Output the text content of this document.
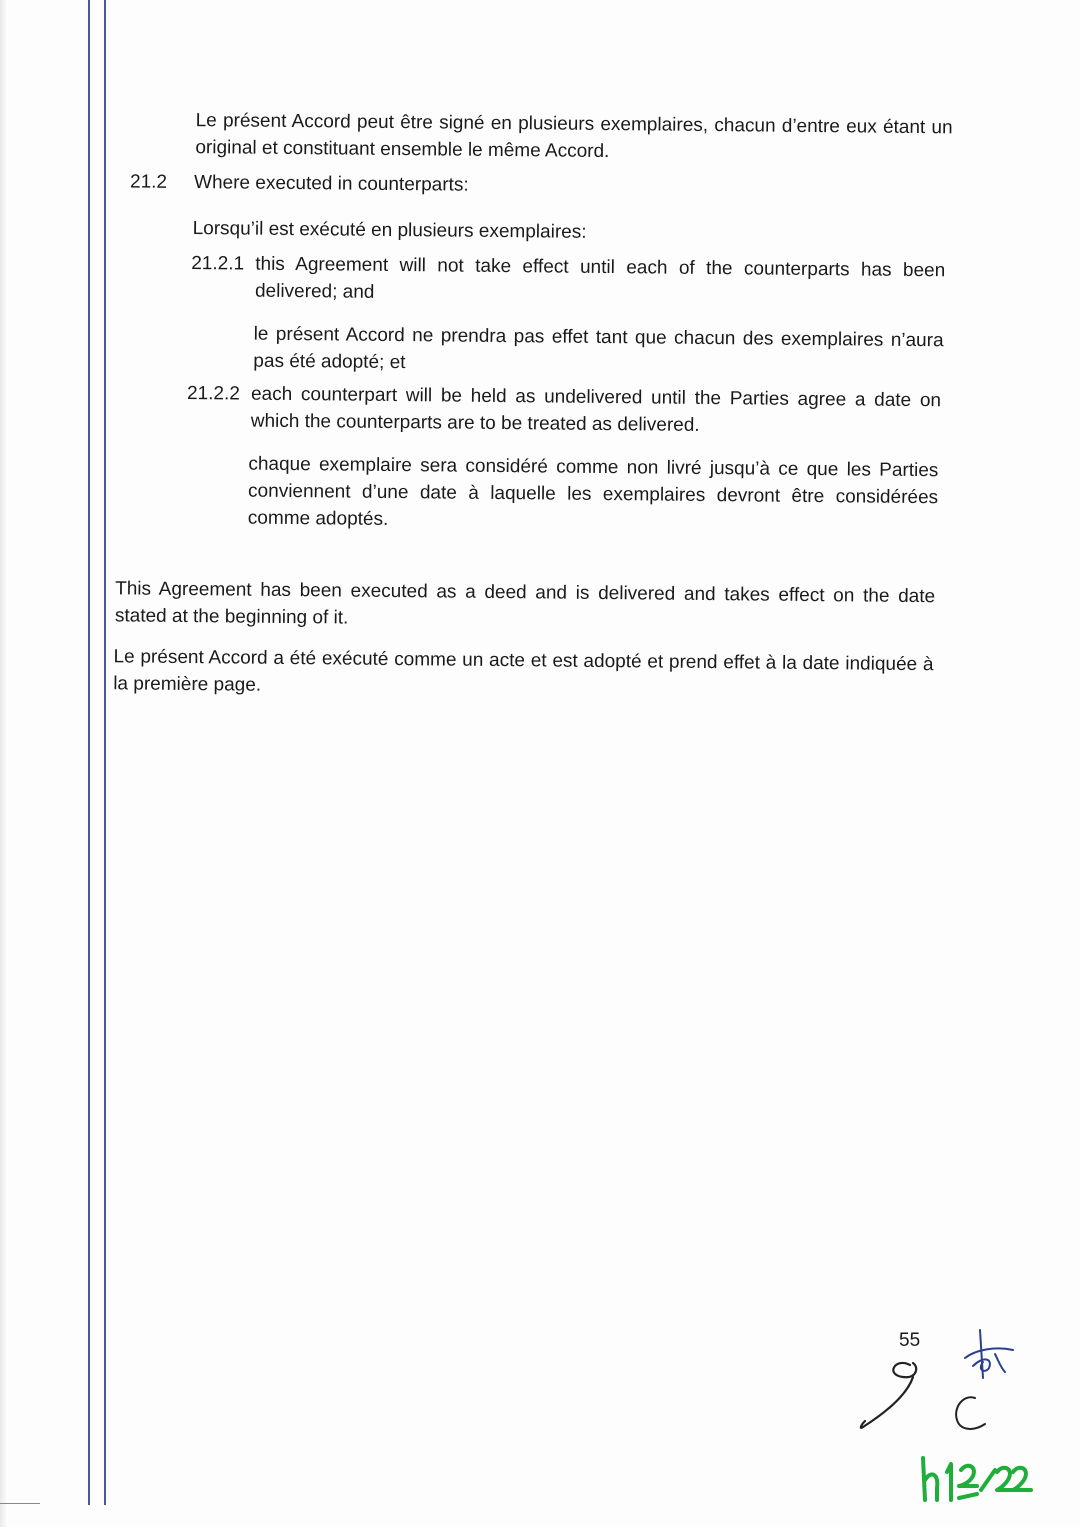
Le présent Accord peut être signé en plusieurs exemplaires, chacun d’entre eux étant un original et constituant ensemble le même Accord.

21.2 Where executed in counterparts:

Lorsqu’il est exécuté en plusieurs exemplaires:

21.2.1 this Agreement will not take effect until each of the counterparts has been delivered; and

le présent Accord ne prendra pas effet tant que chacun des exemplaires n’aura pas été adopté; et

21.2.2 each counterpart will be held as undelivered until the Parties agree a date on which the counterparts are to be treated as delivered.

chaque exemplaire sera considéré comme non livré jusqu’à ce que les Parties conviennent d’une date à laquelle les exemplaires devront être considérées comme adoptés.

This Agreement has been executed as a deed and is delivered and takes effect on the date stated at the beginning of it.

Le présent Accord a été exécuté comme un acte et est adopté et prend effet à la date indiquée à la première page.

55
